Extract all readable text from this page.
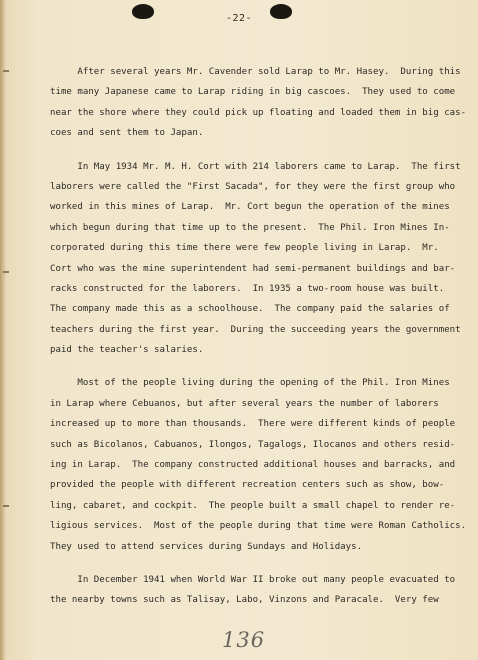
-22-

After several years Mr. Cavender sold Larap to Mr. Hasey.  During this

time many Japanese came to Larap riding in big cascoes.  They used to come

near the shore where they could pick up floating and loaded them in big cas-

coes and sent them to Japan.

In May 1934 Mr. M. H. Cort with 214 laborers came to Larap.  The first

laborers were called the "First Sacada", for they were the first group who

worked in this mines of Larap.  Mr. Cort begun the operation of the mines

which begun during that time up to the present.  The Phil. Iron Mines In-

corporated during this time there were few people living in Larap.  Mr.

Cort who was the mine superintendent had semi-permanent buildings and bar-

racks constructed for the laborers.  In 1935 a two-room house was built.

The company made this as a schoolhouse.  The company paid the salaries of

teachers during the first year.  During the succeeding years the government

paid the teacher's salaries.

Most of the people living during the opening of the Phil. Iron Mines

in Larap where Cebuanos, but after several years the number of laborers

increased up to more than thousands.  There were different kinds of people

such as Bicolanos, Cabuanos, Ilongos, Tagalogs, Ilocanos and others resid-

ing in Larap.  The company constructed additional houses and barracks, and

provided the people with different recreation centers such as show, bow-

ling, cabaret, and cockpit.  The people built a small chapel to render re-

ligious services.  Most of the people during that time were Roman Catholics.

They used to attend services during Sundays and Holidays.

In December 1941 when World War II broke out many people evacuated to

the nearby towns such as Talisay, Labo, Vinzons and Paracale.  Very few

136
